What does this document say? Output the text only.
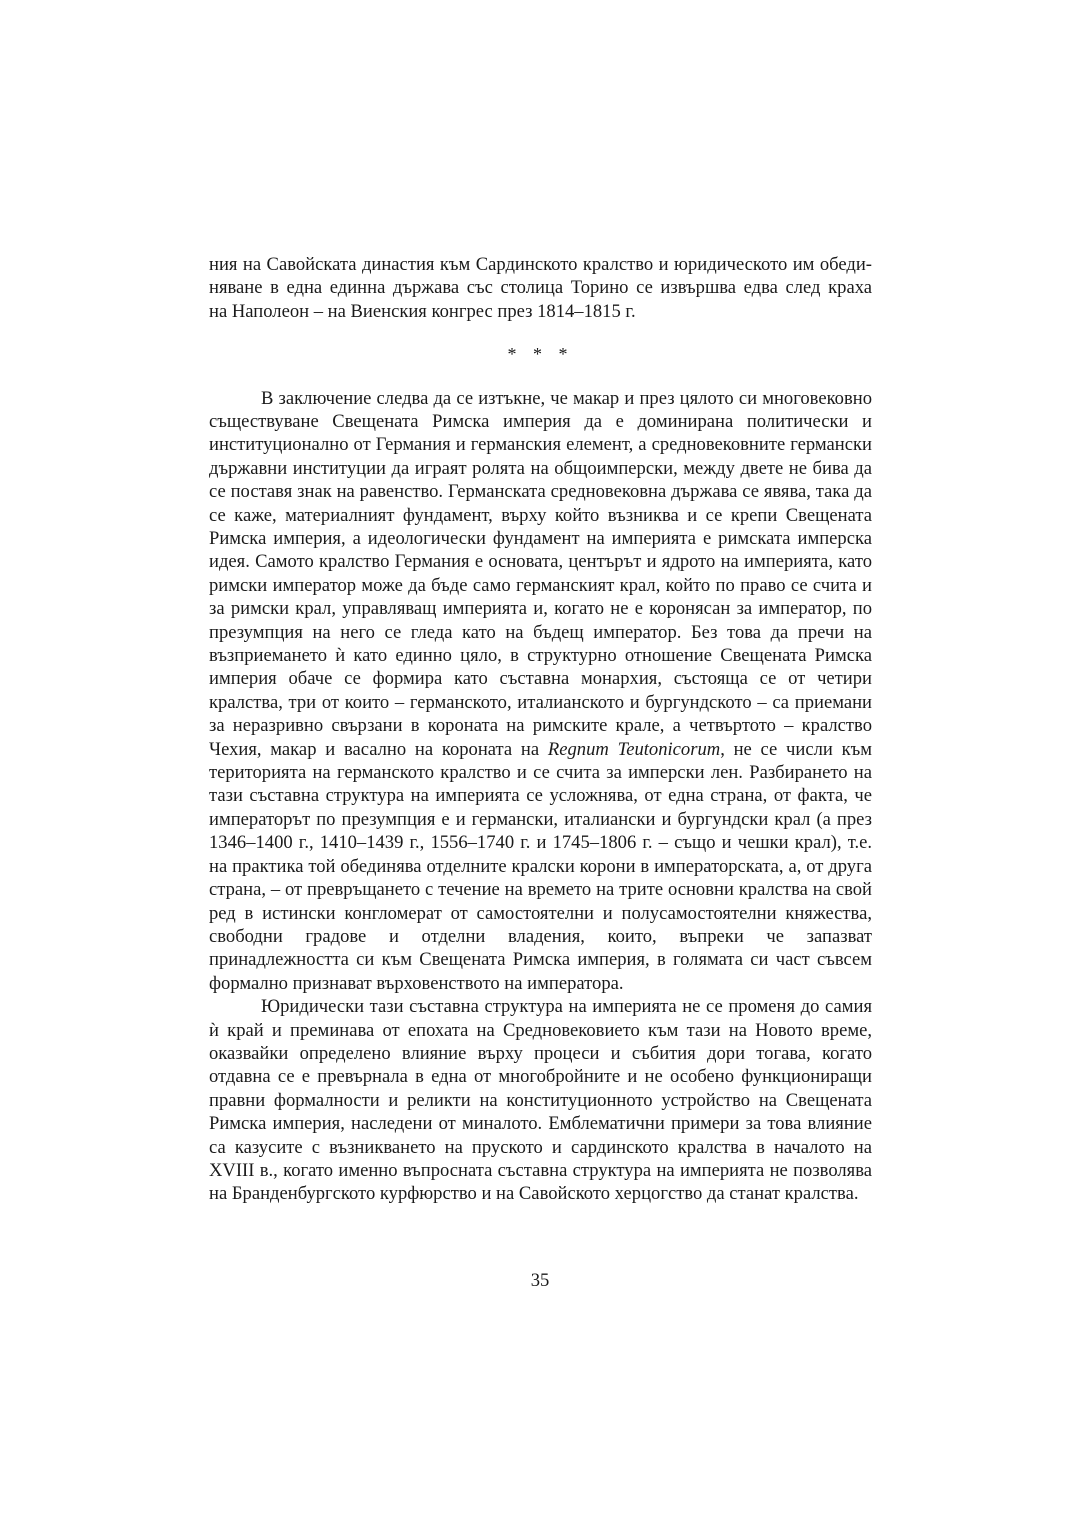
ния на Савойската династия към Сардинското кралство и юридическото им обеди-
няване в една единна държава със столица Торино се извършва едва след краха
на Наполеон – на Виенския конгрес през 1814–1815 г.
* * *

В заключение следва да се изтъкне, че макар и през цялото си многовековно съществуване Свещената Римска империя да е доминирана политически и институционално от Германия и германския елемент, а средновековните германски държавни институции да играят ролята на общоимперски, между двете не бива да се поставя знак на равенство. Германската средновековна държава се явява, така да се каже, материалният фундамент, върху който възниква и се крепи Свещената Римска империя, а идеологически фундамент на империята е римската имперска идея. Самото кралство Германия е основата, центърът и ядрото на империята, като римски император може да бъде само германският крал, който по право се счита и за римски крал, управляващ империята и, когато не е коронясан за император, по презумпция на него се гледа като на бъдещ император. Без това да пречи на възприемането ѝ като единно цяло, в структурно отношение Свещената Римска империя обаче се формира като съставна монархия, състояща се от четири кралства, три от които – германското, италианското и бургундското – са приемани за неразривно свързани в короната на римските крале, а четвъртото – кралство Чехия, макар и васално на короната на Regnum Teutonicorum, не се числи към територията на германското кралство и се счита за имперски лен. Разбирането на тази съставна структура на империята се усложнява, от една страна, от факта, че императорът по презумпция е и германски, италиански и бургундски крал (а през 1346–1400 г., 1410–1439 г., 1556–1740 г. и 1745–1806 г. – също и чешки крал), т.е. на практика той обединява отделните кралски корони в императорската, а, от друга страна, – от превръщането с течение на времето на трите основни кралства на свой ред в истински конгломерат от самостоятелни и полусамостоятелни княжества, свободни градове и отделни владения, които, въпреки че запазват принадлежността си към Свещената Римска империя, в голямата си част съвсем формално признават върховенството на императора.

Юридически тази съставна структура на империята не се променя до самия ѝ край и преминава от епохата на Средновековието към тази на Новото време, оказвайки определено влияние върху процеси и събития дори тогава, когато отдавна се е превърнала в една от многобройните и не особено функциониращи правни формалности и реликти на конституционното устройство на Свещената Римска империя, наследени от миналото. Емблематични примери за това влияние са казусите с възникването на пруското и сардинското кралства в началото на XVIII в., когато именно въпросната съставна структура на империята не позволява на Бранденбургското курфюрство и на Савойското херцогство да станат кралства.

35
